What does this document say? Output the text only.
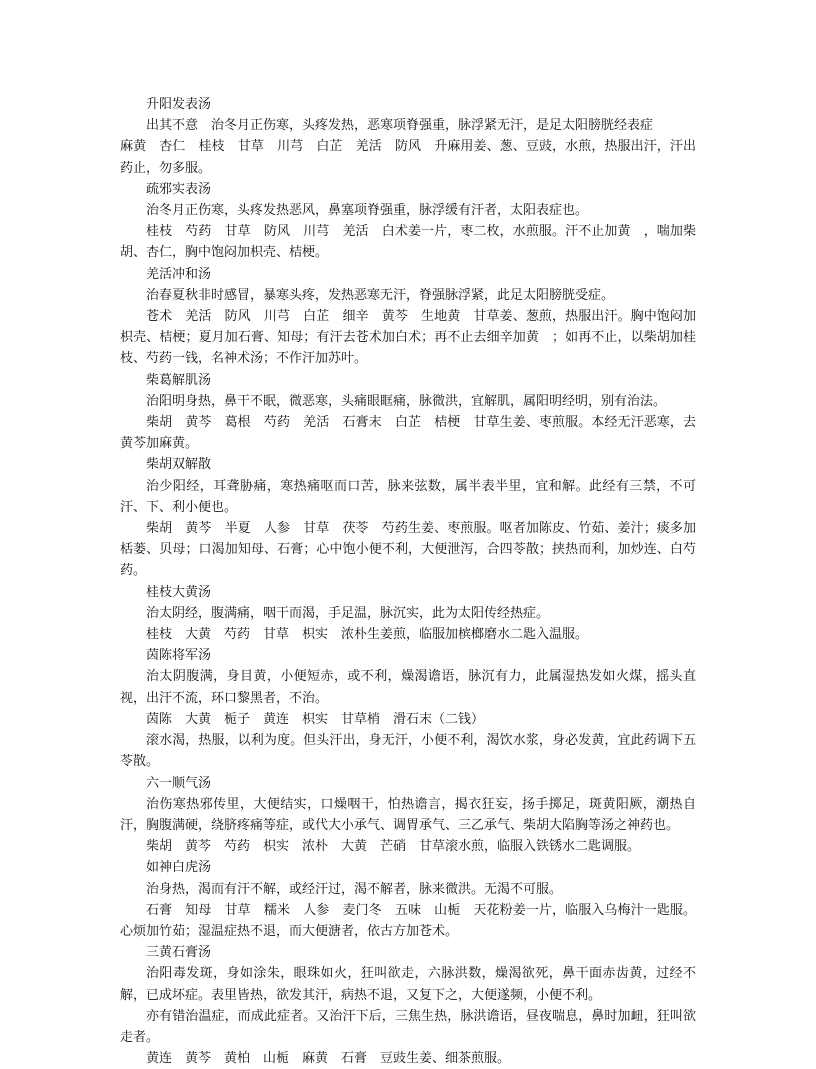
升阳发表汤

出其不意　治冬月正伤寒，头疼发热，恶寒项脊强重，脉浮紧无汗，是足太阳膀胱经表症

麻黄　杏仁　桂枝　甘草　川芎　白芷　羌活　防风　升麻用姜、葱、豆豉，水煎，热服出汗，汗出药止，勿多服。

疏邪实表汤

治冬月正伤寒，头疼发热恶风，鼻塞项脊强重，脉浮缓有汗者，太阳表症也。

桂枝　芍药　甘草　防风　川芎　羌活　白术姜一片，枣二枚，水煎服。汗不止加黄　，喘加柴胡、杏仁，胸中饱闷加枳壳、桔梗。

羌活冲和汤

治春夏秋非时感冒，暴寒头疼，发热恶寒无汗，脊强脉浮紧，此足太阳膀胱受症。

苍术　羌活　防风　川芎　白芷　细辛　黄芩　生地黄　甘草姜、葱煎，热服出汗。胸中饱闷加枳壳、桔梗；夏月加石膏、知母；有汗去苍术加白术；再不止去细辛加黄　；如再不止，以柴胡加桂枝、芍药一钱，名神术汤；不作汗加苏叶。

柴葛解肌汤

治阳明身热，鼻干不眠，微恶寒，头痛眼眶痛，脉微洪，宜解肌，属阳明经明，别有治法。

柴胡　黄芩　葛根　芍药　羌活　石膏末　白芷　桔梗　甘草生姜、枣煎服。本经无汗恶寒，去黄芩加麻黄。

柴胡双解散

治少阳经，耳聋胁痛，寒热痛呕而口苦，脉来弦数，属半表半里，宜和解。此经有三禁，不可汗、下、利小便也。

柴胡　黄芩　半夏　人参　甘草　茯苓　芍药生姜、枣煎服。呕者加陈皮、竹茹、姜汁；痰多加栝蒌、贝母；口渴加知母、石膏；心中饱小便不利，大便泄泻，合四苓散；挟热而利，加炒连、白芍药。

桂枝大黄汤

治太阴经，腹满痛，咽干而渴，手足温，脉沉实，此为太阳传经热症。

桂枝　大黄　芍药　甘草　枳实　浓朴生姜煎，临服加槟榔磨水二匙入温服。

茵陈将军汤

治太阴腹满，身目黄，小便短赤，或不利，燥渴谵语，脉沉有力，此属湿热发如火煤，摇头直视，出汗不流，环口黎黑者，不治。

茵陈　大黄　栀子　黄连　枳实　甘草梢　滑石末（二钱）

滚水渴，热服，以利为度。但头汗出，身无汗，小便不利，渴饮水浆，身必发黄，宜此药调下五苓散。

六一顺气汤

治伤寒热邪传里，大便结实，口燥咽干，怕热谵言，揭衣狂妄，扬手掷足，斑黄阳厥，潮热自汗，胸腹满硬，绕脐疼痛等症，或代大小承气、调胃承气、三乙承气、柴胡大陷胸等汤之神药也。

柴胡　黄芩　芍药　枳实　浓朴　大黄　芒硝　甘草滚水煎，临服入铁锈水二匙调服。

如神白虎汤

治身热，渴而有汗不解，或经汗过，渴不解者，脉来微洪。无渴不可服。

石膏　知母　甘草　糯米　人参　麦门冬　五味　山栀　天花粉姜一片，临服入乌梅汁一匙服。心烦加竹茹；湿温症热不退，而大便溏者，依古方加苍术。

三黄石膏汤

治阳毒发斑，身如涂朱，眼珠如火，狂叫欲走，六脉洪数，燥渴欲死，鼻干面赤齿黄，过经不解，已成坏症。表里皆热，欲发其汗，病热不退，又复下之，大便遂频，小便不利。

亦有错治温症，而成此症者。又治汗下后，三焦生热，脉洪谵语，昼夜喘息，鼻时加衄，狂叫欲走者。

黄连　黄芩　黄柏　山栀　麻黄　石膏　豆豉生姜、细茶煎服。
